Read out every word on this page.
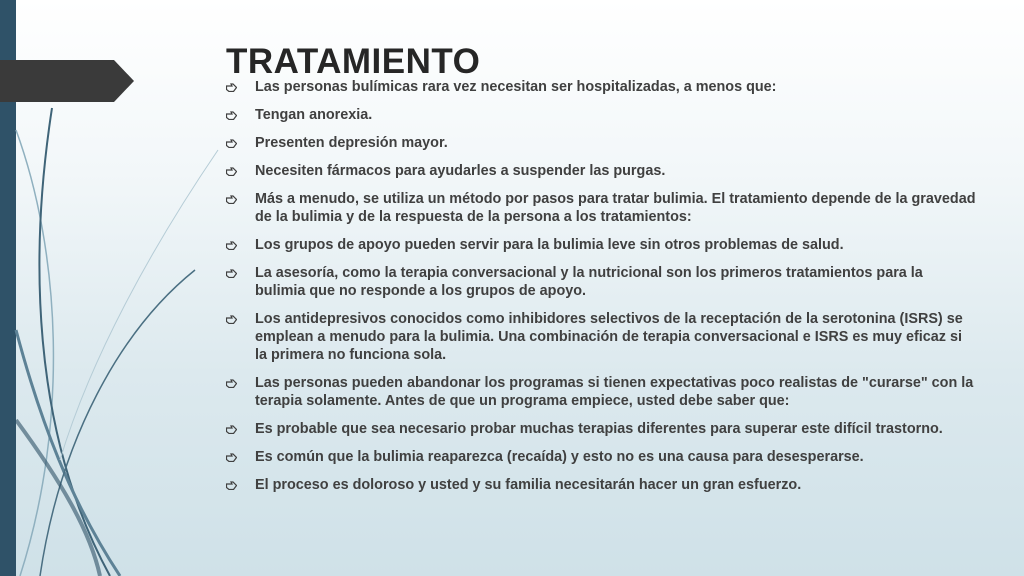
TRATAMIENTO
Las personas bulímicas rara vez necesitan ser hospitalizadas, a menos que:
Tengan anorexia.
Presenten depresión mayor.
Necesiten fármacos para ayudarles a suspender las purgas.
Más a menudo, se utiliza un método por pasos para tratar bulimia. El tratamiento depende de la gravedad de la bulimia y de la respuesta de la persona a los tratamientos:
Los grupos de apoyo pueden servir para la bulimia leve sin otros problemas de salud.
La asesoría, como la terapia conversacional y la nutricional son los primeros tratamientos para la bulimia que no responde a los grupos de apoyo.
Los antidepresivos conocidos como inhibidores selectivos de la receptación de la serotonina (ISRS) se emplean a menudo para la bulimia. Una combinación de terapia conversacional e ISRS es muy eficaz si la primera no funciona sola.
Las personas pueden abandonar los programas si tienen expectativas poco realistas de "curarse" con la terapia solamente. Antes de que un programa empiece, usted debe saber que:
Es probable que sea necesario probar muchas terapias diferentes para superar este difícil trastorno.
Es común que la bulimia reaparezca (recaída) y esto no es una causa para desesperarse.
El proceso es doloroso y usted y su familia necesitarán hacer un gran esfuerzo.
